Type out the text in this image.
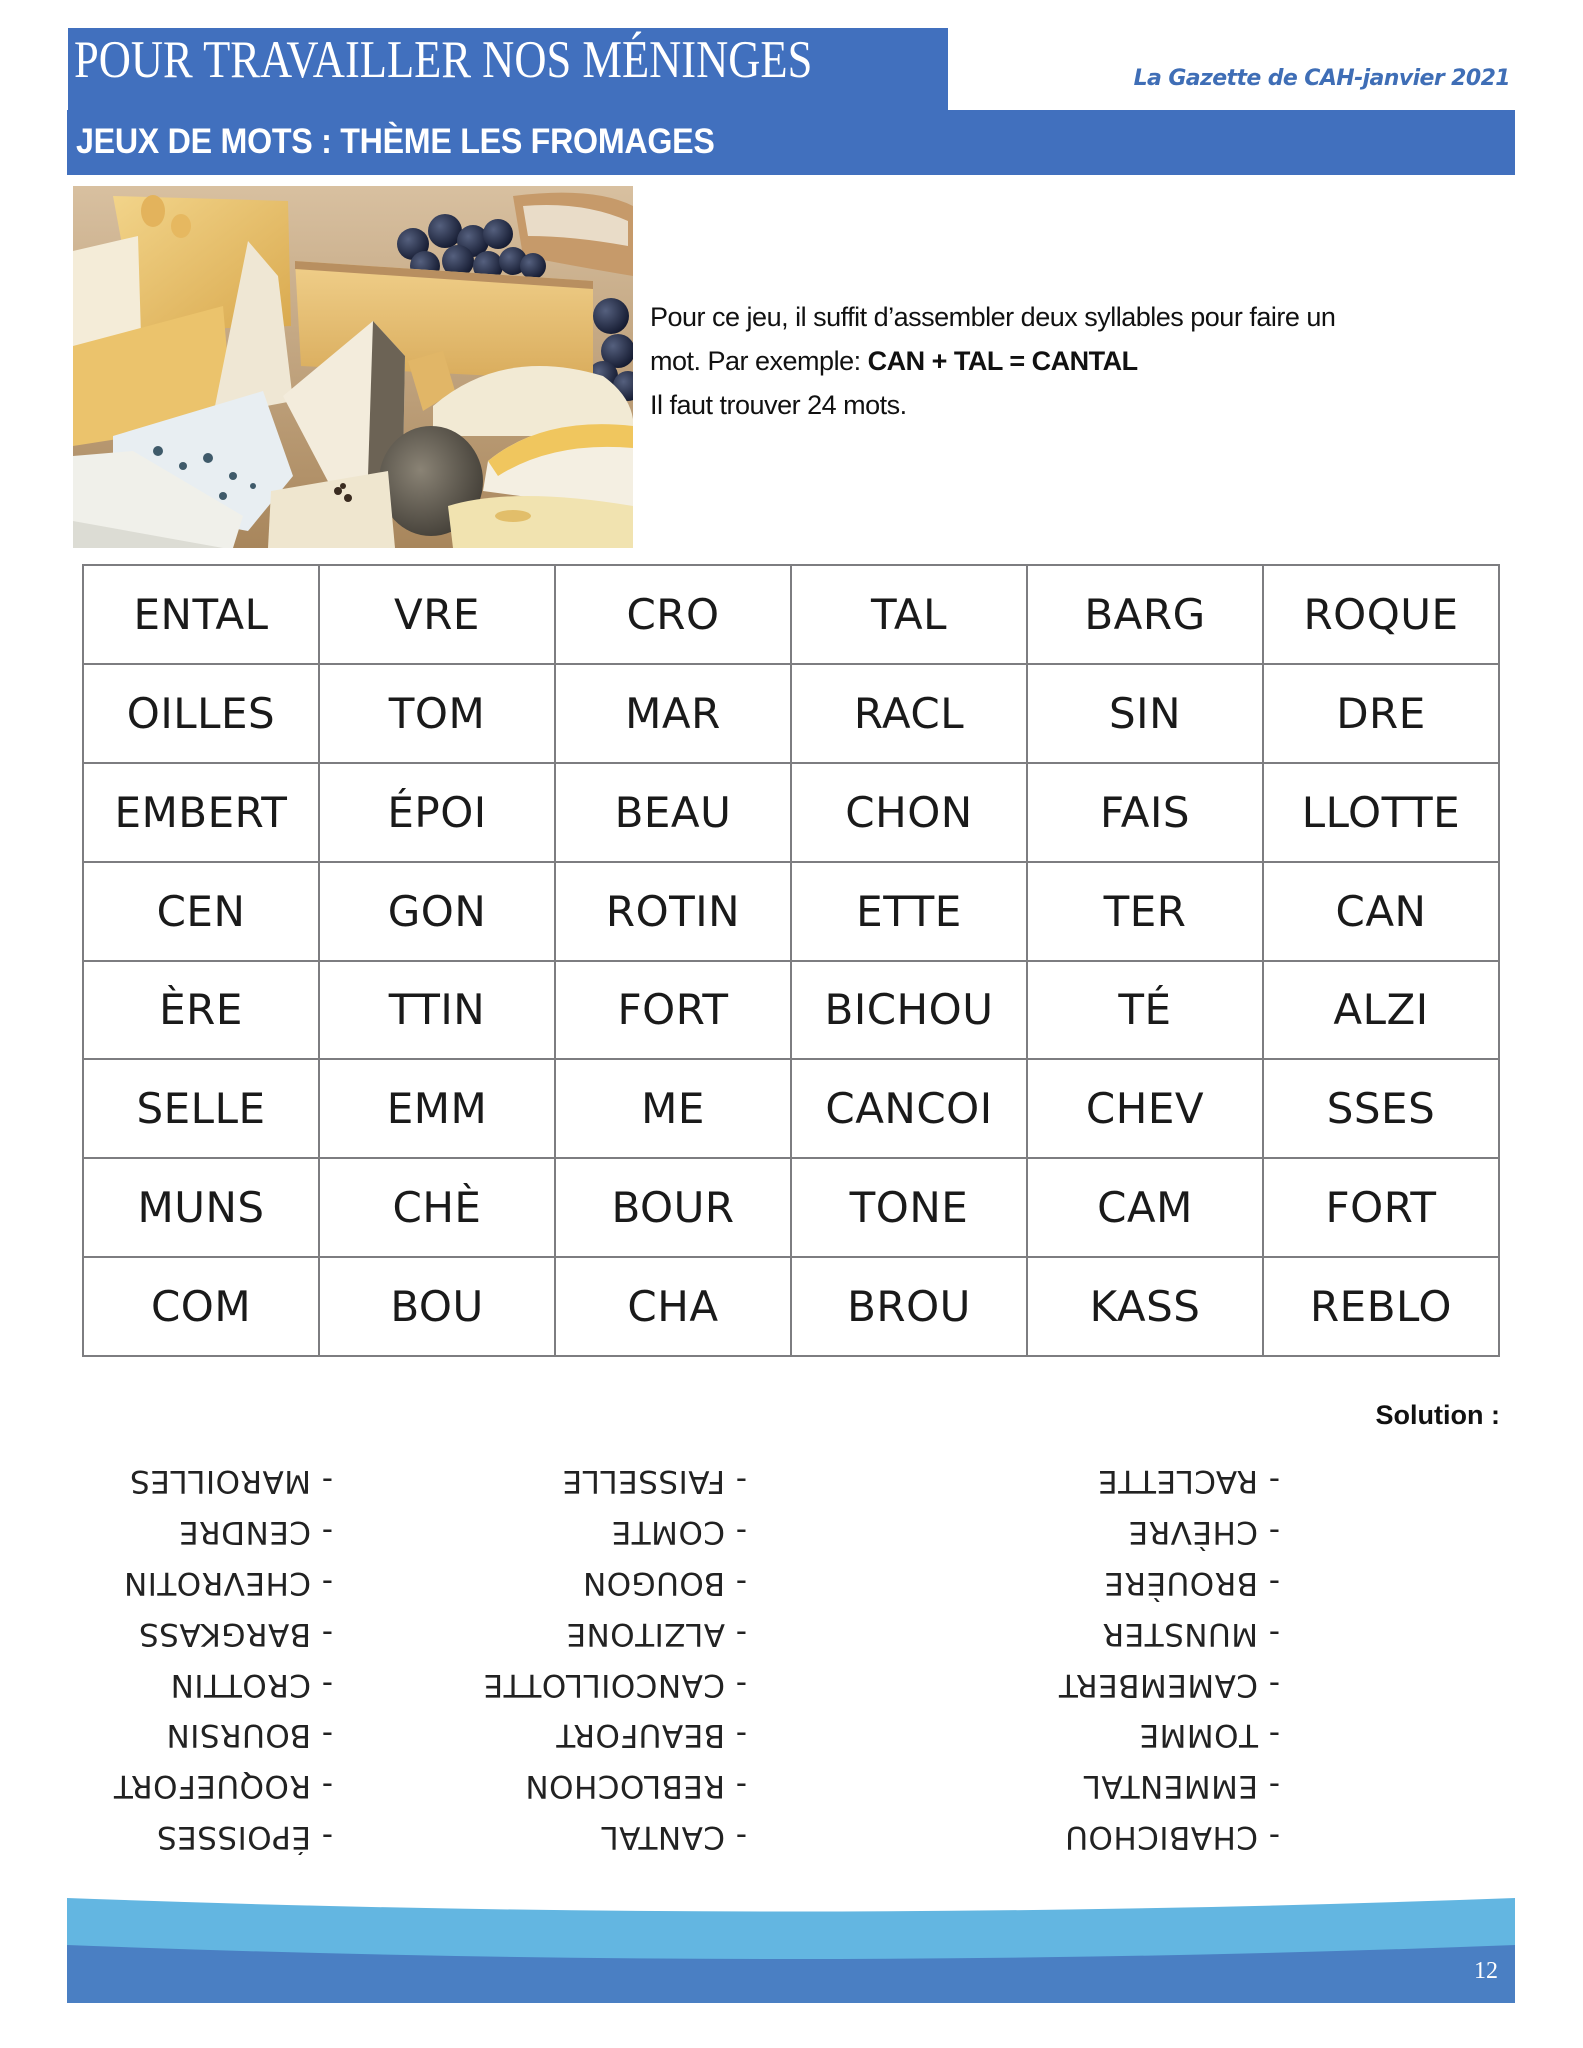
POUR TRAVAILLER NOS MÉNINGES	La Gazette de CAH-janvier 2021
JEUX DE MOTS : THÈME LES FROMAGES
Pour ce jeu, il suffit d’assembler deux syllables pour faire un
mot. Par exemple: CAN + TAL = CANTAL
Il faut trouver 24 mots.
ENTAL	VRE	CRO	TAL	BARG	ROQUE
OILLES	TOM	MAR	RACL	SIN	DRE
EMBERT	ÉPOI	BEAU	CHON	FAIS	LLOTTE
CEN	GON	ROTIN	ETTE	TER	CAN
ÈRE	TTIN	FORT	BICHOU	TÉ	ALZI
SELLE	EMM	ME	CANCOI	CHEV	SSES
MUNS	CHÈ	BOUR	TONE	CAM	FORT
COM	BOU	CHA	BROU	KASS	REBLO
Solution :
- CHABICHOU
- EMMENTAL
- TOMME
- CAMEMBERT
- MUNSTER
- BROUÈRE
- CHÈVRE
- RACLETTE
- CANTAL
- REBLOCHON
- BEAUFORT
- CANCOILLOTTE
- ALZITONE
- BOUGON
- COMTE
- FAISSELLE
- ÉPOISSES
- ROQUEFORT
- BOURSIN
- CROTTIN
- BARGKASS
- CHEVROTIN
- CENDRE
- MAROILLES
12
